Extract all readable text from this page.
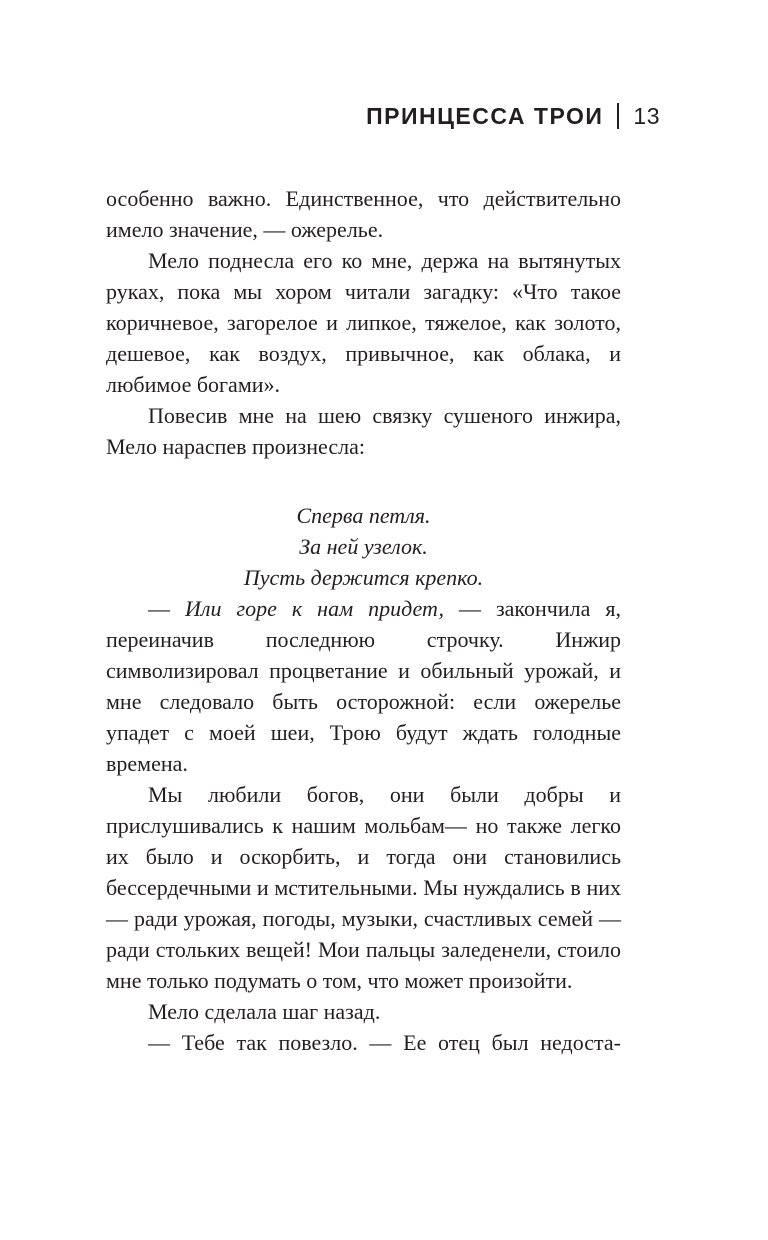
ПРИНЦЕССА ТРОИ 13

особенно важно. Единственное, что действительно имело значение, — ожерелье.

Мело поднесла его ко мне, держа на вытянутых руках, пока мы хором читали загадку: «Что такое коричневое, загорелое и липкое, тяжелое, как золото, дешевое, как воздух, привычное, как облака, и любимое богами».

Повесив мне на шею связку сушеного инжира, Мело нараспев произнесла:

Сперва петля.
За ней узелок.
Пусть держится крепко.

— Или горе к нам придет, — закончила я, переиначив последнюю строчку. Инжир символизировал процветание и обильный урожай, и мне следовало быть осторожной: если ожерелье упадет с моей шеи, Трою будут ждать голодные времена.

Мы любили богов, они были добры и прислушивались к нашим мольбам— но также легко их было и оскорбить, и тогда они становились бессердечными и мстительными. Мы нуждались в них — ради урожая, погоды, музыки, счастливых семей — ради стольких вещей! Мои пальцы заледенели, стоило мне только подумать о том, что может произойти.

Мело сделала шаг назад.

— Тебе так повезло. — Ее отец был недоста-
